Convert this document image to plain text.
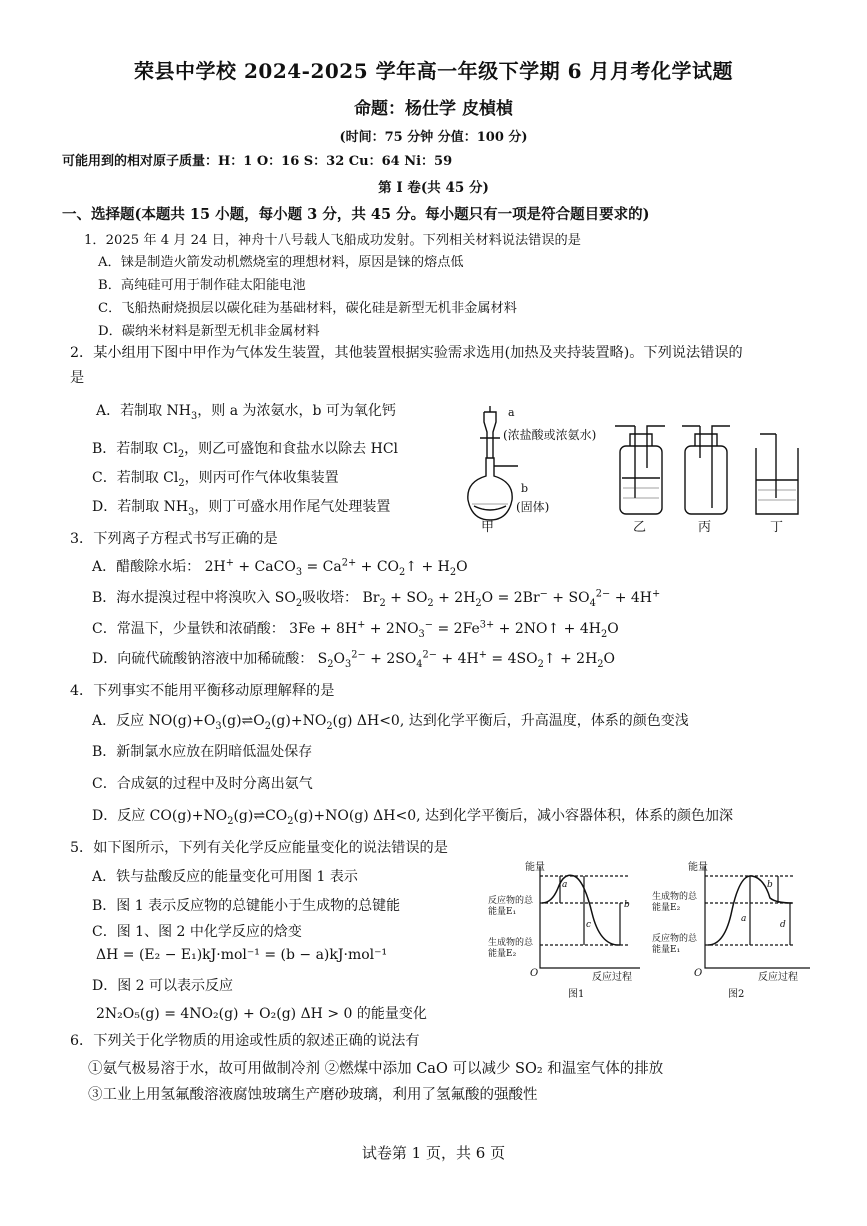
荣县中学校 2024-2025 学年高一年级下学期 6 月月考化学试题
命题：杨仕学 皮楨楨
(时间：75 分钟 分值：100 分)
可能用到的相对原子质量：H：1 O：16 S：32 Cu：64 Ni：59
第 I 卷(共 45 分)
一、选择题(本题共 15 小题，每小题 3 分，共 45 分。每小题只有一项是符合题目要求的)
1．2025 年 4 月 24 日，神舟十八号载人飞船成功发射。下列相关材料说法错误的是
A．铼是制造火箭发动机燃烧室的理想材料，原因是铼的熔点低
B．高纯硅可用于制作硅太阳能电池
C．飞船热耐烧损层以碳化硅为基础材料，碳化硅是新型无机非金属材料
D．碳纳米材料是新型无机非金属材料
2．某小组用下图中甲作为气体发生装置，其他装置根据实验需求选用(加热及夹持装置略)。下列说法错误的
是
A．若制取 $NH_3$，则 a 为浓氨水，b 可为氧化钙
B．若制取 $Cl_2$，则乙可盛饱和食盐水以除去 HCl
C．若制取 $Cl_2$，则丙可作气体收集装置
D．若制取 $NH_3$，则丁可盛水用作尾气处理装置
a
(浓盐酸或浓氨水)
b
(固体)
甲	乙	丙	丁
3．下列离子方程式书写正确的是
A．醋酸除水垢： 2H+ + CaCO$_3$ = $Ca^{2+}$ + $CO_2↑ + H_2O$
B．海水提溴过程中将溴吹入 $SO_2$吸收塔： $Br_2 + SO_2 + 2H_2O = 2Br^- + SO_4^{2-} + 4H^+$
C．常温下，少量铁和浓硝酸： $3Fe + 8H^+ + 2NO_3^- = 2Fe^{3+}$ + 2NO↑ + $4H_2O$
D．向硫代硫酸钠溶液中加稀硫酸： $S_2O_3^{2-} + 2SO_4^{2-} + 4H^+$ = $4SO_2↑ + 2H_2O$
4．下列事实不能用平衡移动原理解释的是
A．反应 $NO(g)+O_3(g)\rightleftharpoons O_2(g)+NO_2(g)$ ΔH<0, 达到化学平衡后，升高温度，体系的颜色变浅
B．新制氯水应放在阴暗低温处保存
C．合成氨的过程中及时分离出氨气
D．反应 $CO(g)+NO_2(g)\rightleftharpoons CO_2(g)+NO(g)$ ΔH<0, 达到化学平衡后，减小容器体积，体系的颜色加深
5．如下图所示，下列有关化学反应能量变化的说法错误的是
A．铁与盐酸反应的能量变化可用图 1 表示
B．图 1 表示反应物的总键能小于生成物的总键能
C．图 1、图 2 中化学反应的焓变
ΔH = (E₂ − E₁)kJ·mol⁻¹ = (b − a)kJ·mol⁻¹
D．图 2 可以表示反应
2N₂O₅(g) = 4NO₂(g) + O₂(g) ΔH > 0 的能量变化
能量
反应物的总能量E₁
生成物的总能量E₂
反应过程
O
a
c
b
图1
能量
生成物的总能量E₂
反应物的总能量E₁
反应过程
O
a
b
d
图2
6．下列关于化学物质的用途或性质的叙述正确的说法有
①氨气极易溶于水，故可用做制冷剂 ②燃煤中添加 CaO 可以减少 SO₂ 和温室气体的排放
③工业上用氢氟酸溶液腐蚀玻璃生产磨砂玻璃，利用了氢氟酸的强酸性
试卷第 1 页，共 6 页
